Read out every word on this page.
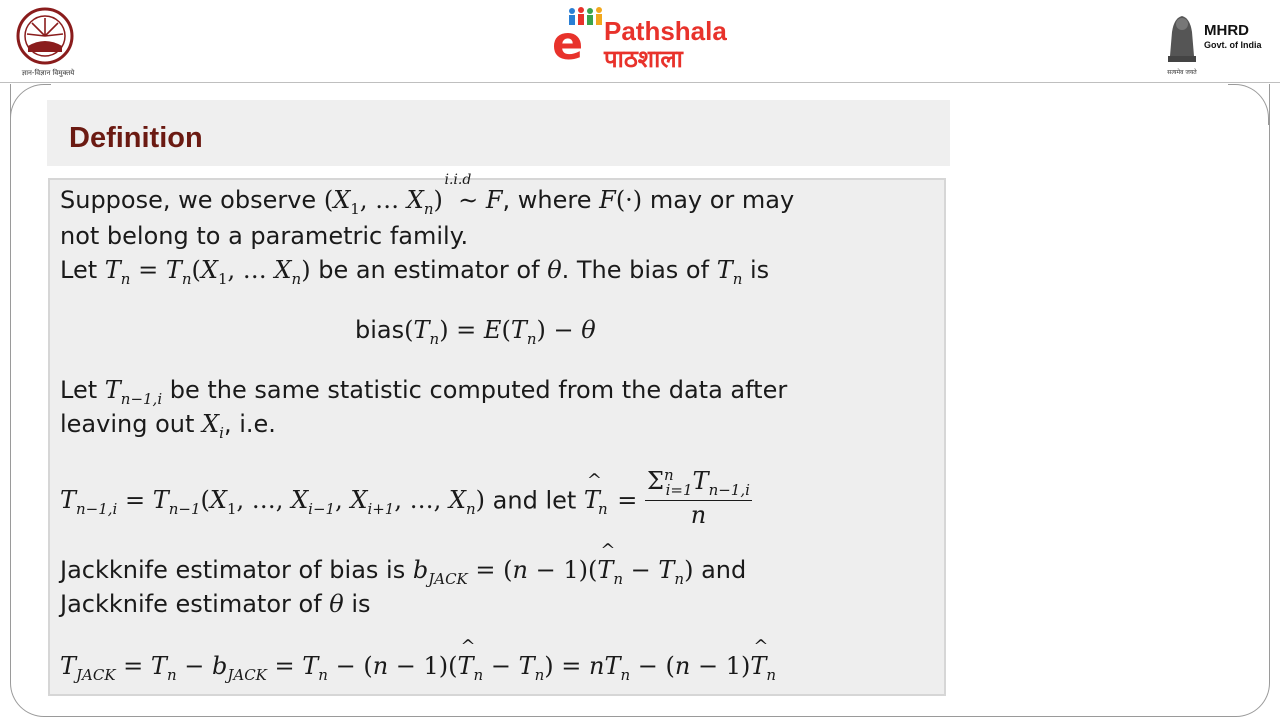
ज्ञान-विज्ञान विमुक्तये
e Pathshala
पाठशाला
MHRD
Govt. of India
सत्यमेव जयते
Definition
Suppose, we observe ($X_1$, … $X_n$)
i.i.d
∼ F, where F(·) may or may
not belong to a parametric family.
Let $T_n = T_n(X_1$, … $X_n$) be an estimator of θ. The bias of $T_n$ is
$bias(T_n) = E(T_n) - \theta$
Let $T_{n-1,i}$ be the same statistic computed from the data after
leaving out $X_i$, i.e.
$T_{n-1,i} = T_{n-1}(X_1$, …, $X_{i-1}$, $X_{i+1}$, …, $X_n$) and let ^ $T_n = \frac{\Sigma^n_{i=1}T_{n-1,i}}{n}$
Jackknife estimator of bias is $b_{JACK} = (n$ − 1)(^ $T_n - T_n$) and
Jackknife estimator of θ is
$T_{JACK} = T_n - b_{JACK} = T_n - (n$ − 1)(^ $T_n - T_n) = nT_n - (n$ − 1)^ $T_n$
